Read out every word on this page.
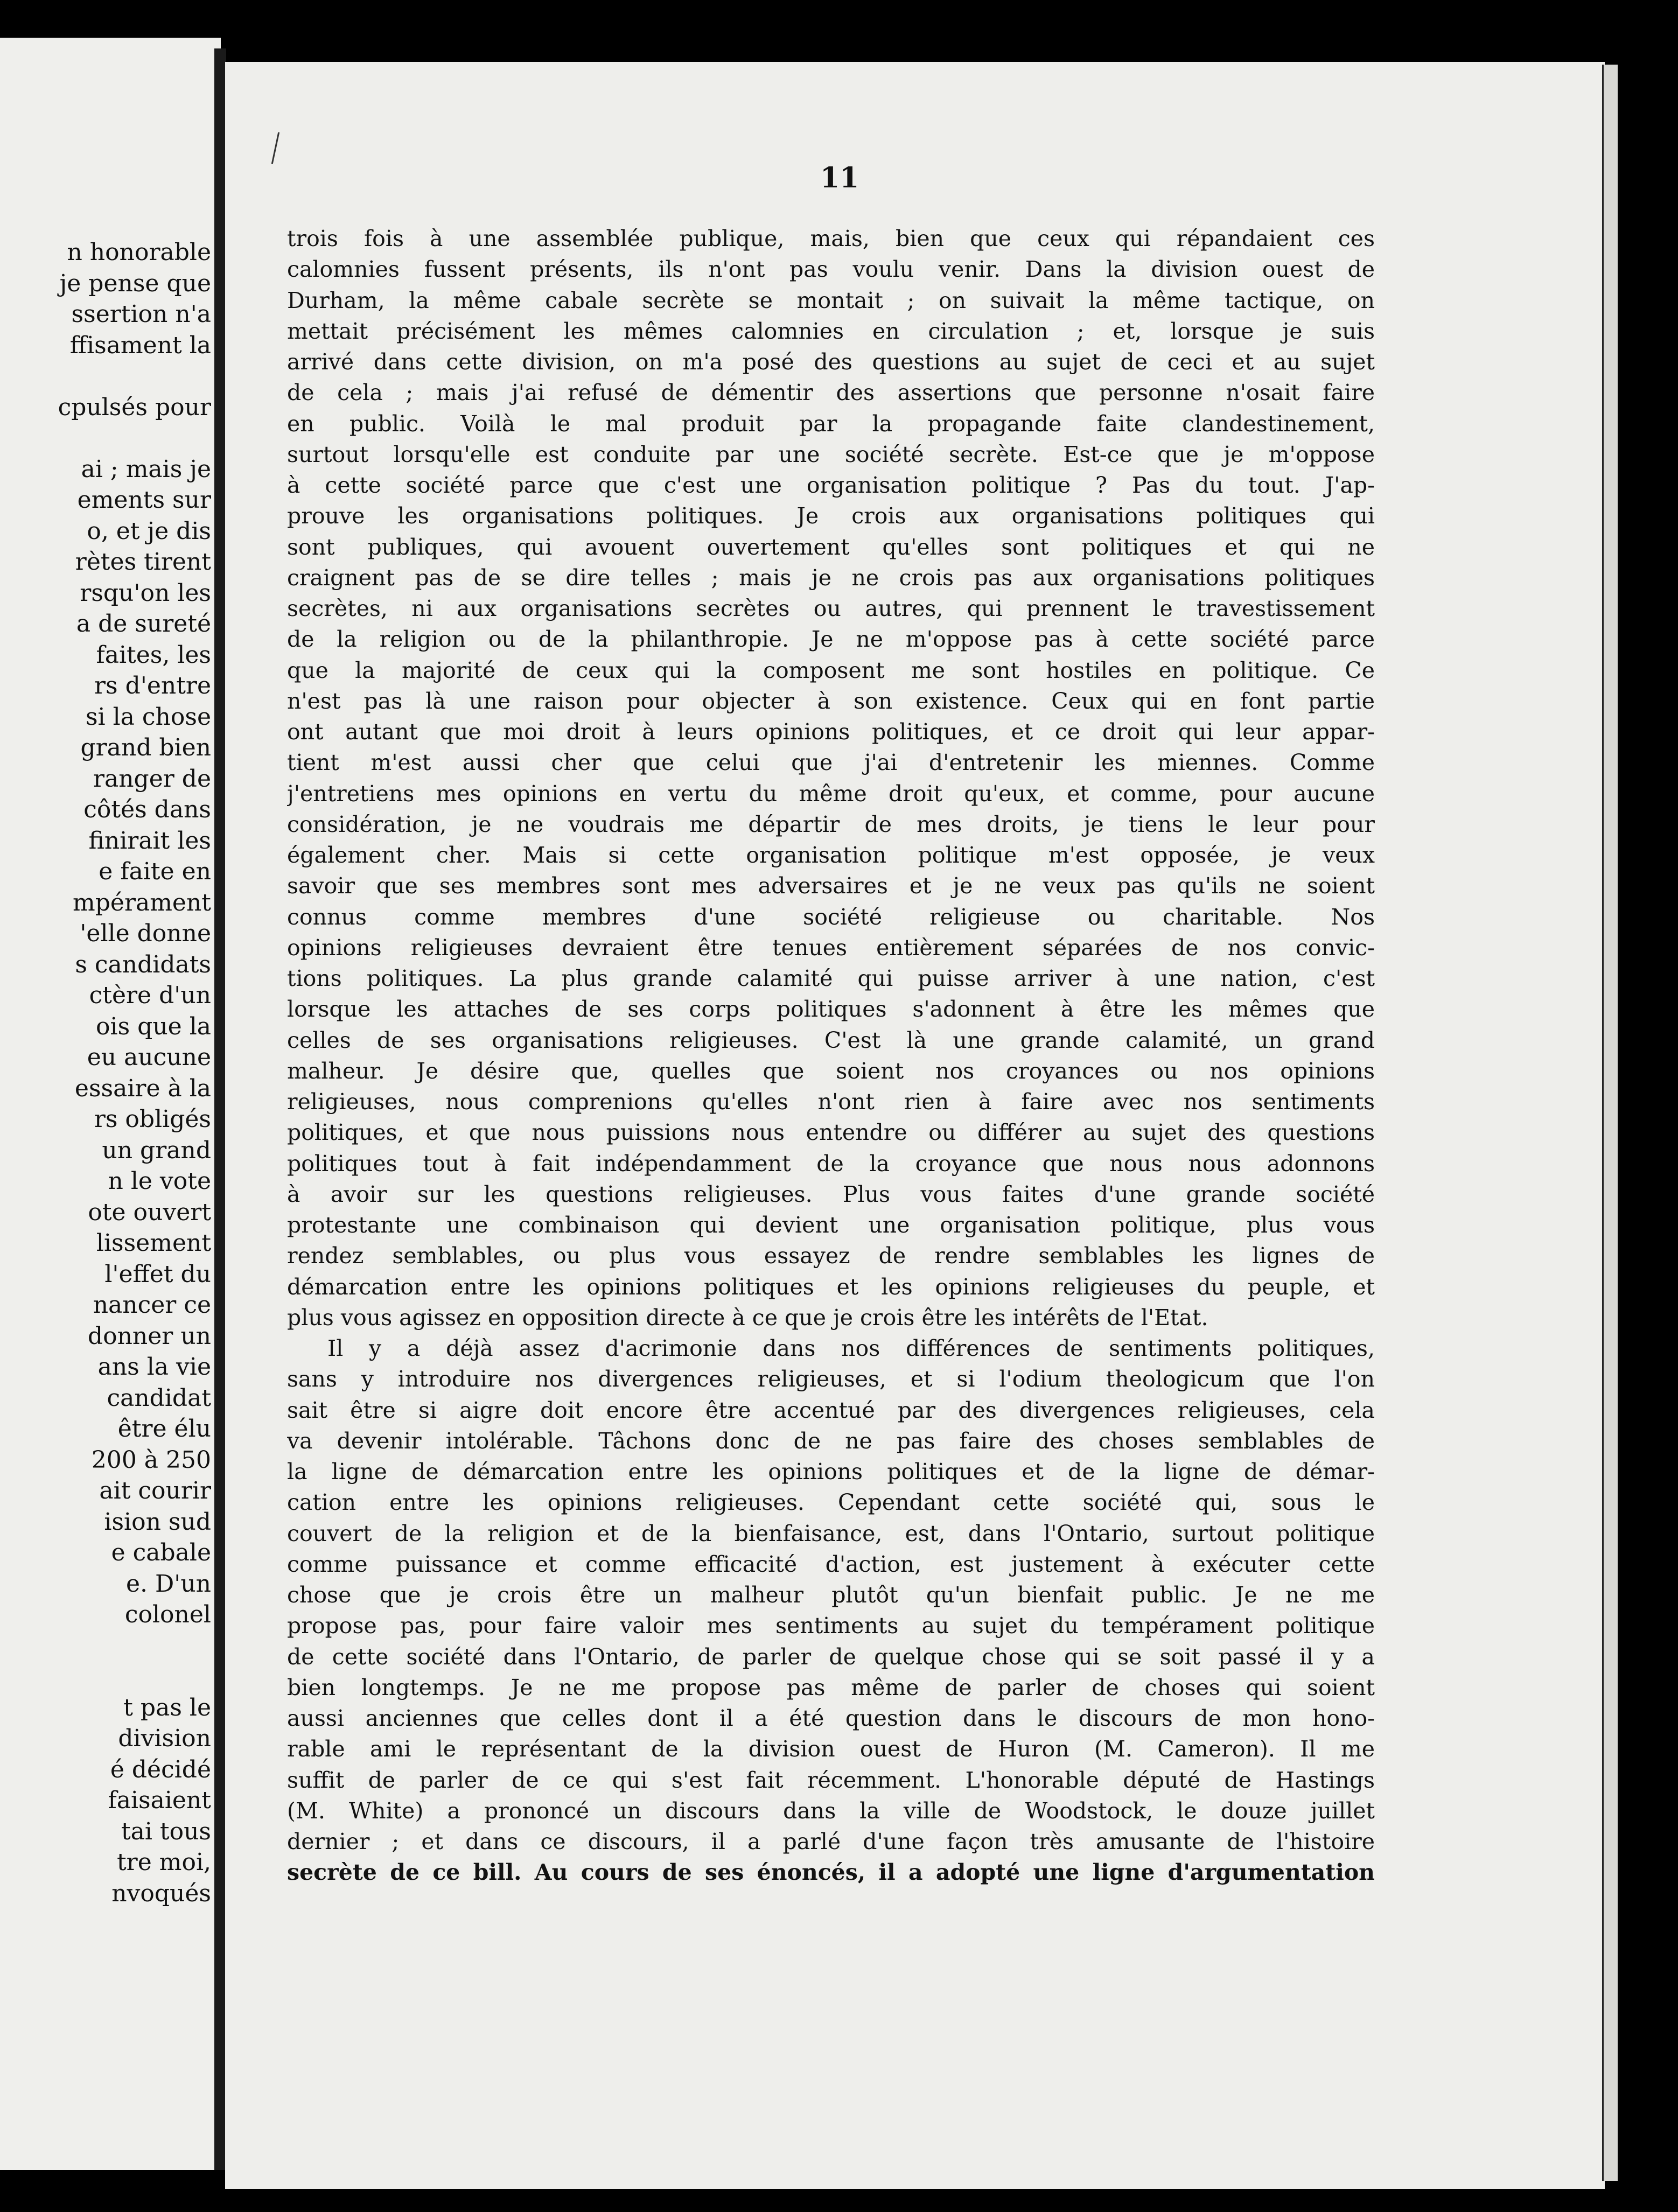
n honorable
je pense que
ssertion n'a
ffisament la
cpulsés pour
ai ; mais je
ements sur
o, et je dis
rètes tirent
rsqu'on les
a de sureté
faites, les
rs d'entre
si la chose
grand bien
ranger de
côtés dans
finirait les
e faite en
mpérament
'elle donne
s candidats
ctère d'un
ois que la
eu aucune
essaire à la
rs obligés
un grand
n le vote
ote ouvert
lissement
l'effet du
nancer ce
donner un
ans la vie
candidat
être élu
200 à 250
ait courir
ision sud
e cabale
e. D'un
colonel
t pas le
division
é décidé
faisaient
tai tous
tre moi,
nvoqués
11
trois fois à une assemblée publique, mais, bien que ceux qui répandaient ces
calomnies fussent présents, ils n'ont pas voulu venir. Dans la division ouest de
Durham, la même cabale secrète se montait ; on suivait la même tactique, on
mettait précisément les mêmes calomnies en circulation ; et, lorsque je suis
arrivé dans cette division, on m'a posé des questions au sujet de ceci et au sujet
de cela ; mais j'ai refusé de démentir des assertions que personne n'osait faire
en public. Voilà le mal produit par la propagande faite clandestinement,
surtout lorsqu'elle est conduite par une société secrète. Est-ce que je m'oppose
à cette société parce que c'est une organisation politique ? Pas du tout. J'ap-
prouve les organisations politiques. Je crois aux organisations politiques qui
sont publiques, qui avouent ouvertement qu'elles sont politiques et qui ne
craignent pas de se dire telles ; mais je ne crois pas aux organisations politiques
secrètes, ni aux organisations secrètes ou autres, qui prennent le travestissement
de la religion ou de la philanthropie. Je ne m'oppose pas à cette société parce
que la majorité de ceux qui la composent me sont hostiles en politique. Ce
n'est pas là une raison pour objecter à son existence. Ceux qui en font partie
ont autant que moi droit à leurs opinions politiques, et ce droit qui leur appar-
tient m'est aussi cher que celui que j'ai d'entretenir les miennes. Comme
j'entretiens mes opinions en vertu du même droit qu'eux, et comme, pour aucune
considération, je ne voudrais me départir de mes droits, je tiens le leur pour
également cher. Mais si cette organisation politique m'est opposée, je veux
savoir que ses membres sont mes adversaires et je ne veux pas qu'ils ne soient
connus comme membres d'une société religieuse ou charitable. Nos
opinions religieuses devraient être tenues entièrement séparées de nos convic-
tions politiques. La plus grande calamité qui puisse arriver à une nation, c'est
lorsque les attaches de ses corps politiques s'adonnent à être les mêmes que
celles de ses organisations religieuses. C'est là une grande calamité, un grand
malheur. Je désire que, quelles que soient nos croyances ou nos opinions
religieuses, nous comprenions qu'elles n'ont rien à faire avec nos sentiments
politiques, et que nous puissions nous entendre ou différer au sujet des questions
politiques tout à fait indépendamment de la croyance que nous nous adonnons
à avoir sur les questions religieuses. Plus vous faites d'une grande société
protestante une combinaison qui devient une organisation politique, plus vous
rendez semblables, ou plus vous essayez de rendre semblables les lignes de
démarcation entre les opinions politiques et les opinions religieuses du peuple, et
plus vous agissez en opposition directe à ce que je crois être les intérêts de l'Etat.
Il y a déjà assez d'acrimonie dans nos différences de sentiments politiques,
sans y introduire nos divergences religieuses, et si l'odium theologicum que l'on
sait être si aigre doit encore être accentué par des divergences religieuses, cela
va devenir intolérable. Tâchons donc de ne pas faire des choses semblables de
la ligne de démarcation entre les opinions politiques et de la ligne de démar-
cation entre les opinions religieuses. Cependant cette société qui, sous le
couvert de la religion et de la bienfaisance, est, dans l'Ontario, surtout politique
comme puissance et comme efficacité d'action, est justement à exécuter cette
chose que je crois être un malheur plutôt qu'un bienfait public. Je ne me
propose pas, pour faire valoir mes sentiments au sujet du tempérament politique
de cette société dans l'Ontario, de parler de quelque chose qui se soit passé il y a
bien longtemps. Je ne me propose pas même de parler de choses qui soient
aussi anciennes que celles dont il a été question dans le discours de mon hono-
rable ami le représentant de la division ouest de Huron (M. Cameron). Il me
suffit de parler de ce qui s'est fait récemment. L'honorable député de Hastings
(M. White) a prononcé un discours dans la ville de Woodstock, le douze juillet
dernier ; et dans ce discours, il a parlé d'une façon très amusante de l'histoire
secrète de ce bill. Au cours de ses énoncés, il a adopté une ligne d'argumentation
